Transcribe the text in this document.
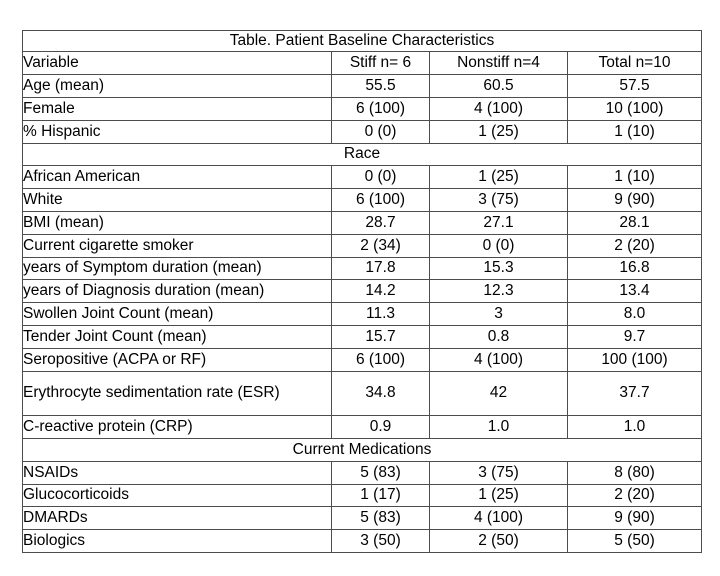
Table. Patient Baseline Characteristics			
Variable	Stiff n= 6	Nonstiff n=4	Total n=10
Age (mean)	55.5	60.5	57.5
Female	6 (100)	4 (100)	10 (100)
% Hispanic	0 (0)	1 (25)	1 (10)
Race			
African American	0 (0)	1 (25)	1 (10)
White	6 (100)	3 (75)	9 (90)
BMI (mean)	28.7	27.1	28.1
Current cigarette smoker	2 (34)	0 (0)	2 (20)
years of Symptom duration (mean)	17.8	15.3	16.8
years of Diagnosis duration (mean)	14.2	12.3	13.4
Swollen Joint Count (mean)	11.3	3	8.0
Tender Joint Count (mean)	15.7	0.8	9.7
Seropositive (ACPA or RF)	6 (100)	4 (100)	100 (100)
Erythrocyte sedimentation rate (ESR)	34.8	42	37.7
C-reactive protein (CRP)	0.9	1.0	1.0
Current Medications			
NSAIDs	5 (83)	3 (75)	8 (80)
Glucocorticoids	1 (17)	1 (25)	2 (20)
DMARDs	5 (83)	4 (100)	9 (90)
Biologics	3 (50)	2 (50)	5 (50)
